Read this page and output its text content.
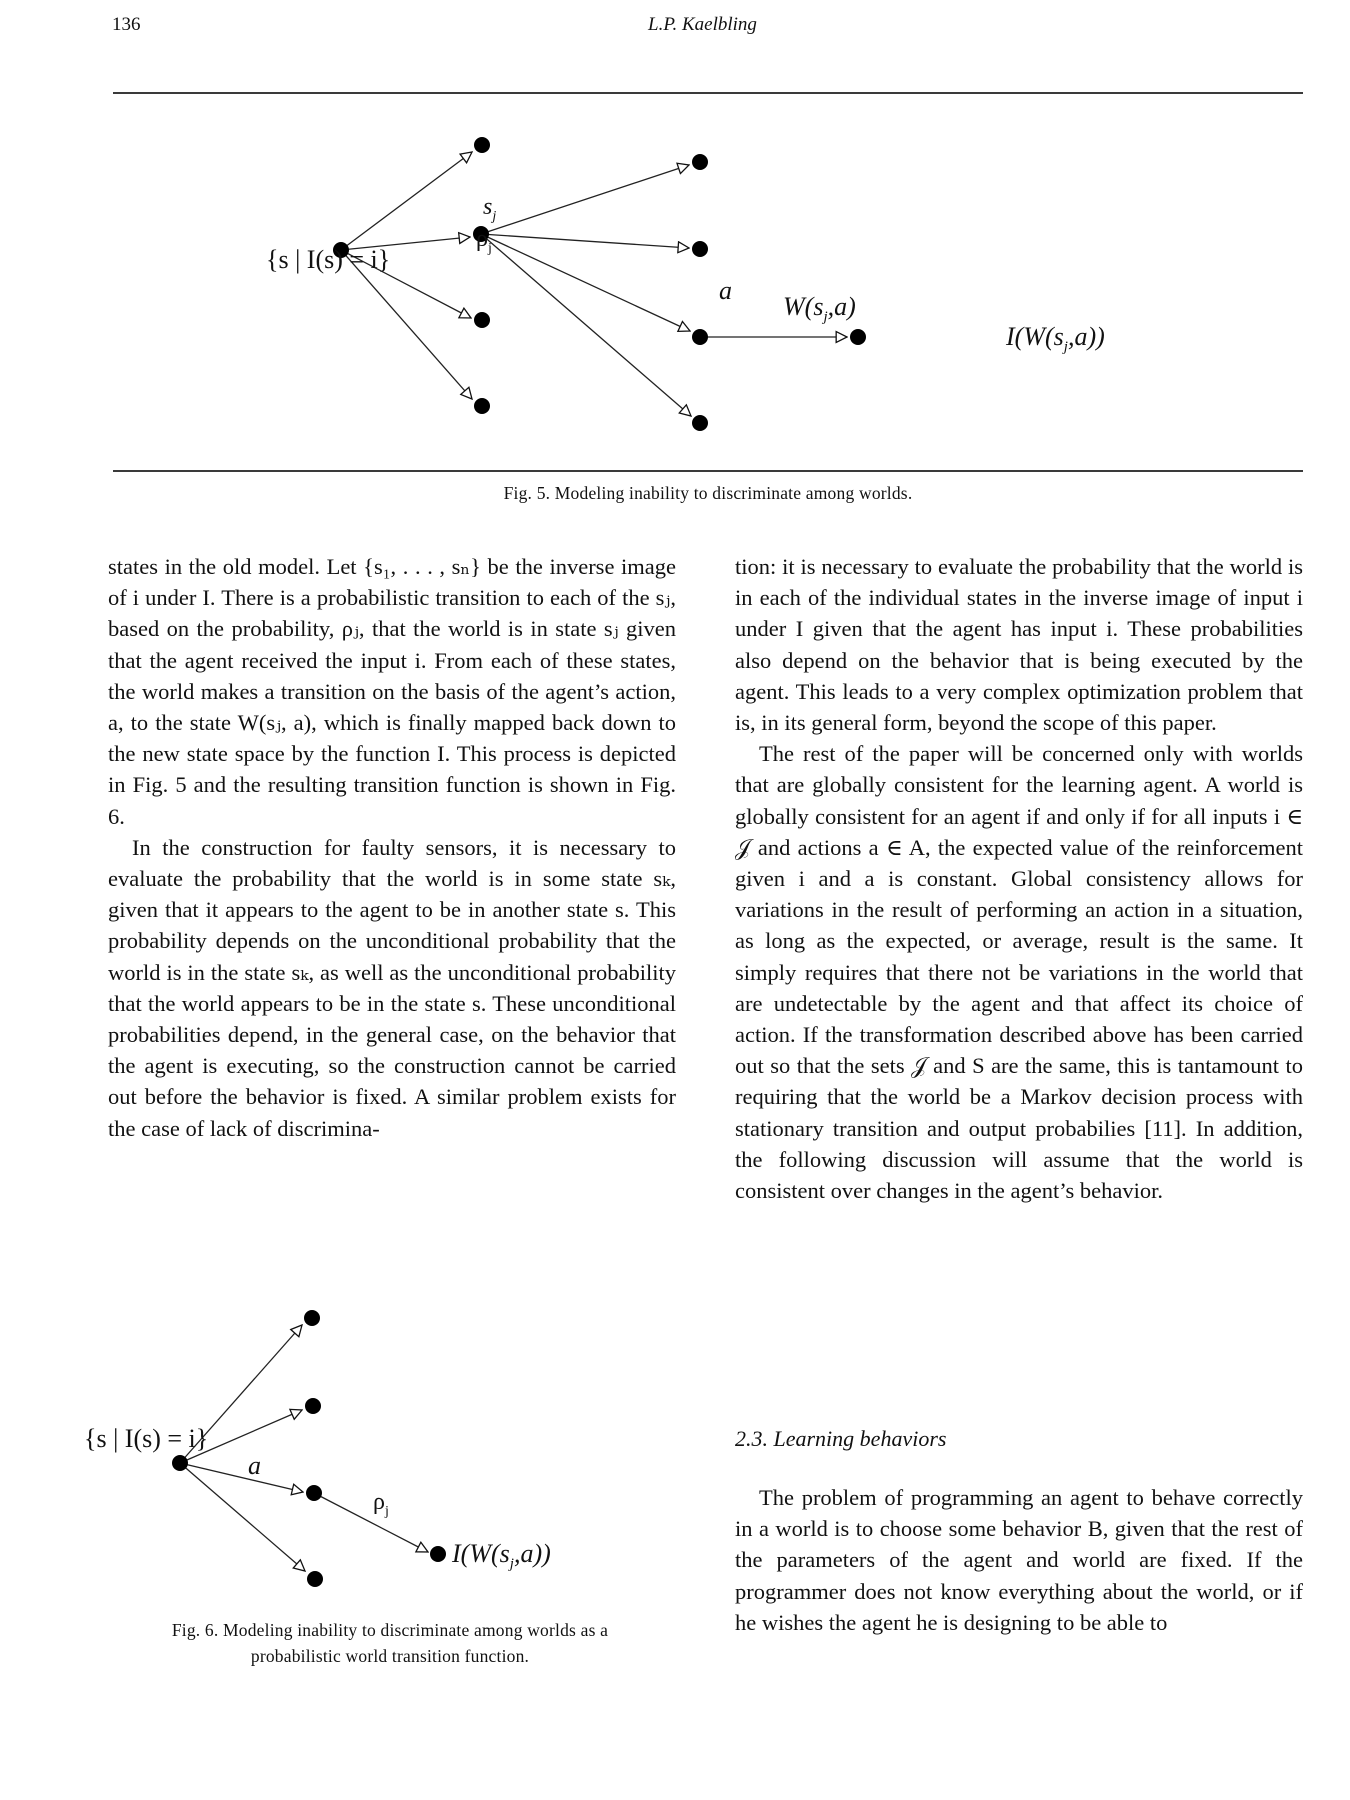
136	L.P. Kaelbling
{s | I(s) = i}
$s_j$
$\rho_j$
a
$W(s_j,a)$
$I(W(s_j,a))$
Fig. 5. Modeling inability to discriminate among worlds.

states in the old model. Let {s₁, . . . , sₙ} be the inverse image of i under I. There is a probabilistic transition to each of the sⱼ, based on the probability, ρⱼ, that the world is in state sⱼ given that the agent received the input i. From each of these states, the world makes a transition on the basis of the agent’s action, a, to the state W(sⱼ, a), which is finally mapped back down to the new state space by the function I. This process is depicted in Fig. 5 and the resulting transition function is shown in Fig. 6.

In the construction for faulty sensors, it is necessary to evaluate the probability that the world is in some state sₖ, given that it appears to the agent to be in another state s. This probability depends on the unconditional probability that the world is in the state sₖ, as well as the unconditional probability that the world appears to be in the state s. These unconditional probabilities depend, in the general case, on the behavior that the agent is executing, so the construction cannot be carried out before the behavior is fixed. A similar problem exists for the case of lack of discrimina-

{s | I(s) = i}
a
$\rho_j$
$I(W(s_j,a))$
Fig. 6. Modeling inability to discriminate among worlds as a
probabilistic world transition function.

tion: it is necessary to evaluate the probability that the world is in each of the individual states in the inverse image of input i under I given that the agent has input i. These probabilities also depend on the behavior that is being executed by the agent. This leads to a very complex optimization problem that is, in its general form, beyond the scope of this paper.

The rest of the paper will be concerned only with worlds that are globally consistent for the learning agent. A world is globally consistent for an agent if and only if for all inputs i ∈ 𝒥 and actions a ∈ A, the expected value of the reinforcement given i and a is constant. Global consistency allows for variations in the result of performing an action in a situation, as long as the expected, or average, result is the same. It simply requires that there not be variations in the world that are undetectable by the agent and that affect its choice of action. If the transformation described above has been carried out so that the sets 𝒥 and S are the same, this is tantamount to requiring that the world be a Markov decision process with stationary transition and output probabilies [11]. In addition, the following discussion will assume that the world is consistent over changes in the agent’s behavior.

2.3. Learning behaviors

The problem of programming an agent to behave correctly in a world is to choose some behavior B, given that the rest of the parameters of the agent and world are fixed. If the programmer does not know everything about the world, or if he wishes the agent he is designing to be able to
